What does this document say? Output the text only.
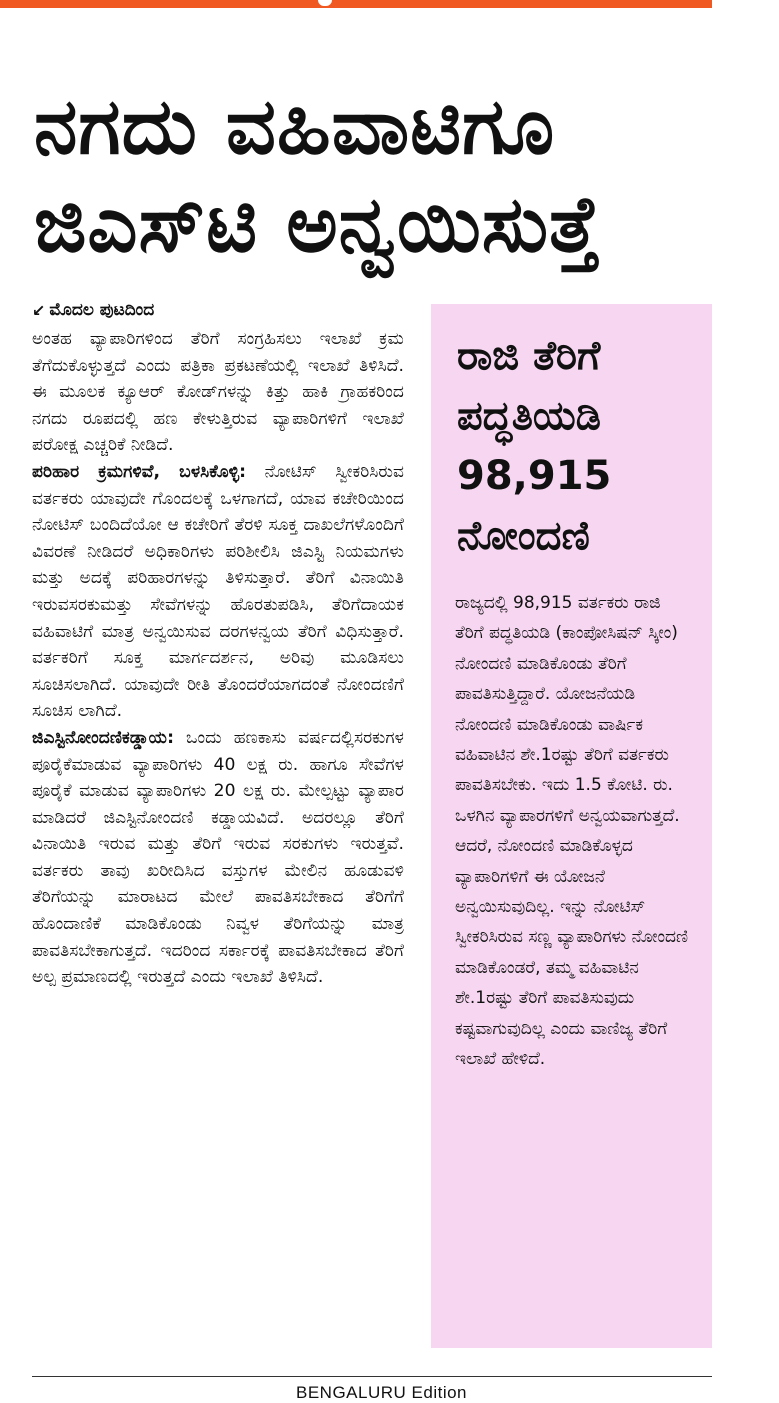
ನಗದು ವಹಿವಾಟಿಗೂ
ಜಿಎಸ್‌ಟಿ ಅನ್ವಯಿಸುತ್ತೆ
↙ ಮೊದಲ ಪುಟದಿಂದ

ಅಂತಹ ವ್ಯಾಪಾರಿಗಳಿಂದ ತೆರಿಗೆ ಸಂಗ್ರಹಿಸಲು ಇಲಾಖೆ ಕ್ರಮ ತೆಗೆದುಕೊಳ್ಳುತ್ತದೆ ಎಂದು ಪತ್ರಿಕಾ ಪ್ರಕಟಣೆಯಲ್ಲಿ ಇಲಾಖೆ ತಿಳಿಸಿದೆ. ಈ ಮೂಲಕ ಕ್ಯೂಆರ್ ಕೋಡ್‌ಗಳನ್ನು ಕಿತ್ತು ಹಾಕಿ ಗ್ರಾಹಕರಿಂದ ನಗದು ರೂಪದಲ್ಲಿ ಹಣ ಕೇಳುತ್ತಿರುವ ವ್ಯಾಪಾರಿಗಳಿಗೆ ಇಲಾಖೆ ಪರೋಕ್ಷ ಎಚ್ಚರಿಕೆ ನೀಡಿದೆ.

ಪರಿಹಾರ ಕ್ರಮಗಳಿವೆ, ಬಳಸಿಕೊಳ್ಳಿ: ನೋಟಿಸ್ ಸ್ವೀಕರಿಸಿರುವ ವರ್ತಕರು ಯಾವುದೇ ಗೊಂದಲಕ್ಕೆ ಒಳಗಾಗದೆ, ಯಾವ ಕಚೇರಿಯಿಂದ ನೋಟಿಸ್ ಬಂದಿದೆಯೋ ಆ ಕಚೇರಿಗೆ ತೆರಳಿ ಸೂಕ್ತ ದಾಖಲೆಗಳೊಂದಿಗೆ ವಿವರಣೆ ನೀಡಿದರೆ ಅಧಿಕಾರಿಗಳು ಪರಿಶೀಲಿಸಿ ಜಿಎಸ್ಟಿ ನಿಯಮಗಳು ಮತ್ತು ಅದಕ್ಕೆ ಪರಿಹಾರಗಳನ್ನು ತಿಳಿಸುತ್ತಾರೆ. ತೆರಿಗೆ ವಿನಾಯಿತಿ ಇರುವಸರಕುಮತ್ತು ಸೇವೆಗಳನ್ನು ಹೊರತುಪಡಿಸಿ, ತೆರಿಗೆದಾಯಕ ವಹಿವಾಟಿಗೆ ಮಾತ್ರ ಅನ್ವಯಿಸುವ ದರಗಳನ್ವಯ ತೆರಿಗೆ ವಿಧಿಸುತ್ತಾರೆ. ವರ್ತಕರಿಗೆ ಸೂಕ್ತ ಮಾರ್ಗದರ್ಶನ, ಅರಿವು ಮೂಡಿಸಲು ಸೂಚಿಸಲಾಗಿದೆ. ಯಾವುದೇ ರೀತಿ ತೊಂದರೆಯಾಗದಂತೆ ನೋಂದಣಿಗೆ ಸೂಚಿಸ ಲಾಗಿದೆ.

ಜಿಎಸ್ಟಿನೋಂದಣಿಕಡ್ಡಾಯ: ಒಂದು ಹಣಕಾಸು ವರ್ಷದಲ್ಲಿಸರಕುಗಳ ಪೂರೈಕೆಮಾಡುವ ವ್ಯಾಪಾರಿಗಳು 40 ಲಕ್ಷ ರು. ಹಾಗೂ ಸೇವೆಗಳ ಪೂರೈಕೆ ಮಾಡುವ ವ್ಯಾಪಾರಿಗಳು 20 ಲಕ್ಷ ರು. ಮೇಲ್ಪಟ್ಟು ವ್ಯಾಪಾರ ಮಾಡಿದರೆ ಜಿಎಸ್ಟಿನೋಂದಣಿ ಕಡ್ಡಾಯವಿದೆ. ಅದರಲ್ಲೂ ತೆರಿಗೆ ವಿನಾಯಿತಿ ಇರುವ ಮತ್ತು ತೆರಿಗೆ ಇರುವ ಸರಕುಗಳು ಇರುತ್ತವೆ. ವರ್ತಕರು ತಾವು ಖರೀದಿಸಿದ ವಸ್ತುಗಳ ಮೇಲಿನ ಹೂಡುವಳಿ ತೆರಿಗೆಯನ್ನು ಮಾರಾಟದ ಮೇಲೆ ಪಾವತಿಸಬೇಕಾದ ತೆರಿಗೆಗೆ ಹೊಂದಾಣಿಕೆ ಮಾಡಿಕೊಂಡು ನಿವ್ವಳ ತೆರಿಗೆಯನ್ನು ಮಾತ್ರ ಪಾವತಿಸಬೇಕಾಗುತ್ತದೆ. ಇದರಿಂದ ಸರ್ಕಾರಕ್ಕೆ ಪಾವತಿಸಬೇಕಾದ ತೆರಿಗೆ ಅಲ್ಪ ಪ್ರಮಾಣದಲ್ಲಿ ಇರುತ್ತದೆ ಎಂದು ಇಲಾಖೆ ತಿಳಿಸಿದೆ.

ರಾಜಿ ತೆರಿಗೆ
ಪದ್ಧತಿಯಡಿ
98,915
ನೋಂದಣಿ
ರಾಜ್ಯದಲ್ಲಿ 98,915 ವರ್ತಕರು ರಾಜಿ ತೆರಿಗೆ ಪದ್ಧತಿಯಡಿ (ಕಾಂಪೋಸಿಷನ್ ಸ್ಕೀಂ) ನೋಂದಣಿ ಮಾಡಿಕೊಂಡು ತೆರಿಗೆ ಪಾವತಿಸುತ್ತಿದ್ದಾರೆ. ಯೋಜನೆಯಡಿ ನೋಂದಣಿ ಮಾಡಿಕೊಂಡು ವಾರ್ಷಿಕ ವಹಿವಾಟಿನ ಶೇ.1ರಷ್ಟು ತೆರಿಗೆ ವರ್ತಕರು ಪಾವತಿಸಬೇಕು. ಇದು 1.5 ಕೋಟಿ. ರು. ಒಳಗಿನ ವ್ಯಾಪಾರಗಳಿಗೆ ಅನ್ವಯವಾಗುತ್ತದೆ. ಆದರೆ, ನೋಂದಣಿ ಮಾಡಿಕೊಳ್ಳದ ವ್ಯಾಪಾರಿಗಳಿಗೆ ಈ ಯೋಜನೆ ಅನ್ವಯಿಸುವುದಿಲ್ಲ. ಇನ್ನು ನೋಟಿಸ್ ಸ್ವೀಕರಿಸಿರುವ ಸಣ್ಣ ವ್ಯಾಪಾರಿಗಳು ನೋಂದಣಿ ಮಾಡಿಕೊಂಡರೆ, ತಮ್ಮ ವಹಿವಾಟಿನ ಶೇ.1ರಷ್ಟು ತೆರಿಗೆ ಪಾವತಿಸುವುದು ಕಷ್ಟವಾಗುವುದಿಲ್ಲ ಎಂದು ವಾಣಿಜ್ಯ ತೆರಿಗೆ ಇಲಾಖೆ ಹೇಳಿದೆ.
BENGALURU Edition
